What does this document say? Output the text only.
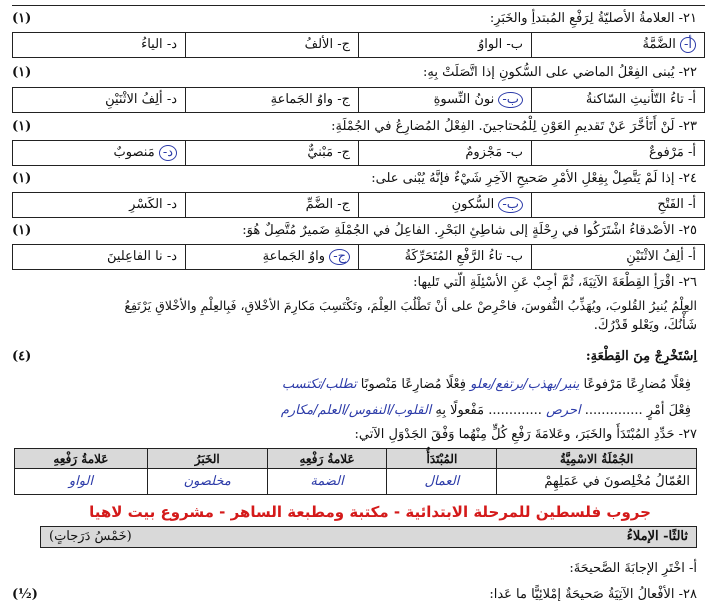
٢١- العلامةُ الأصليّةُ لِرَفْعِ المُبتدأِ والخَبَرِ:
(١)
أ- الضَّمَّةُ
ب- الواوُ
ج- الألفُ
د- الياءُ
٢٢- يُبنى الفِعْلُ الماضي على السُّكونِ إذا اتَّصَلَتْ بِهِ:
(١)
أ- تاءُ التّأنيثِ السّاكنةُ
ب- نونُ النِّسوةِ
ج- واوُ الجَماعةِ
د- ألِفُ الاثْنَيْنِ
٢٣- لَنْ أَتَأخَّرَ عَنْ تَقديمِ العَوْنِ لِلْمُحتاجينَ. الفِعْلُ المُضارِعُ في الجُمْلَةِ:
(١)
أ- مَرْفوعٌ
ب- مَجْزومٌ
ج- مَبْنيٌّ
د- مَنصوبٌ
٢٤- إذا لَمْ يَتَّصِلْ بِفِعْلِ الأمْرِ صَحيحِ الآخِرِ شَيْءٌ فإنَّهُ يُبْنى على:
(١)
أ- الفَتْحِ
ب- السُّكونِ
ج- الضَّمِّ
د- الكَسْرِ
٢٥- الأصْدقاءُ اشْتَرَكُوا في رِحْلَةٍ إلى شاطِئِ البَحْرِ. الفاعِلُ في الجُمْلَةِ ضَميرٌ مُتَّصِلٌ هُوَ:
(١)
أ- ألِفُ الاثْنَيْنِ
ب- تاءُ الرَّفْعِ المُتَحَرِّكَةُ
ج- واوُ الجَماعةِ
د- نا الفاعِلينَ
٢٦- اقْرَأِ القِطْعَةَ الآتِيَةَ، ثُمَّ أجِبْ عَنِ الأسْئِلَةِ الّتي تَليها:
العِلْمُ يُنيرُ القُلوبَ، ويُهَذِّبُ النُّفوسَ، فاحْرِصْ على أنْ تَطْلُبَ العِلْمَ، وتَكْتَسِبَ مَكارِمَ الأخْلاقِ، فَبِالعِلْمِ والأخْلاقِ يَرْتَفِعُ
شَأْنُكَ، ويَعْلو قَدْرُكَ.
اِسْتَخْرِجْ مِنَ القِطْعَةِ:
(٤)
فِعْلًا مُضارِعًا مَرْفوعًا ينير/يهذب/يرتفع/يعلو فِعْلًا مُضارِعًا مَنْصوبًا تطلب/تكتسب
فِعْلَ أمْرٍ .............. احرص ............. مَفْعولًا بِهِ القلوب/النفوس/العلم/مكارم
٢٧- حَدِّدِ المُبْتَدَأَ والخَبَرَ، وعَلامَةَ رَفْعِ كُلٍّ مِنْهُما وَفْقَ الجَدْوَلِ الآتي:
الجُمْلَةُ الاسْمِيَّةُ	المُبْتَدَأُ	عَلامةُ رَفْعِهِ	الخَبَرُ	عَلامةُ رَفْعِهِ
العُمّالُ مُخْلِصونَ في عَمَلِهِمْ	العمال	الضمة	مخلصون	الواو
جروب فلسطين للمرحلة الابتدائية - مكتبة ومطبعة الساهر - مشروع بيت لاهيا
ثالثًا- الإملاءُ
(خَمْسُ دَرَجاتٍ)
أ- اخْتَرِ الإجابَةَ الصَّحيحَةَ:
٢٨- الأفْعالُ الآتِيَةُ صَحيحَةٌ إمْلائِيًّا ما عَدا:
(½)
